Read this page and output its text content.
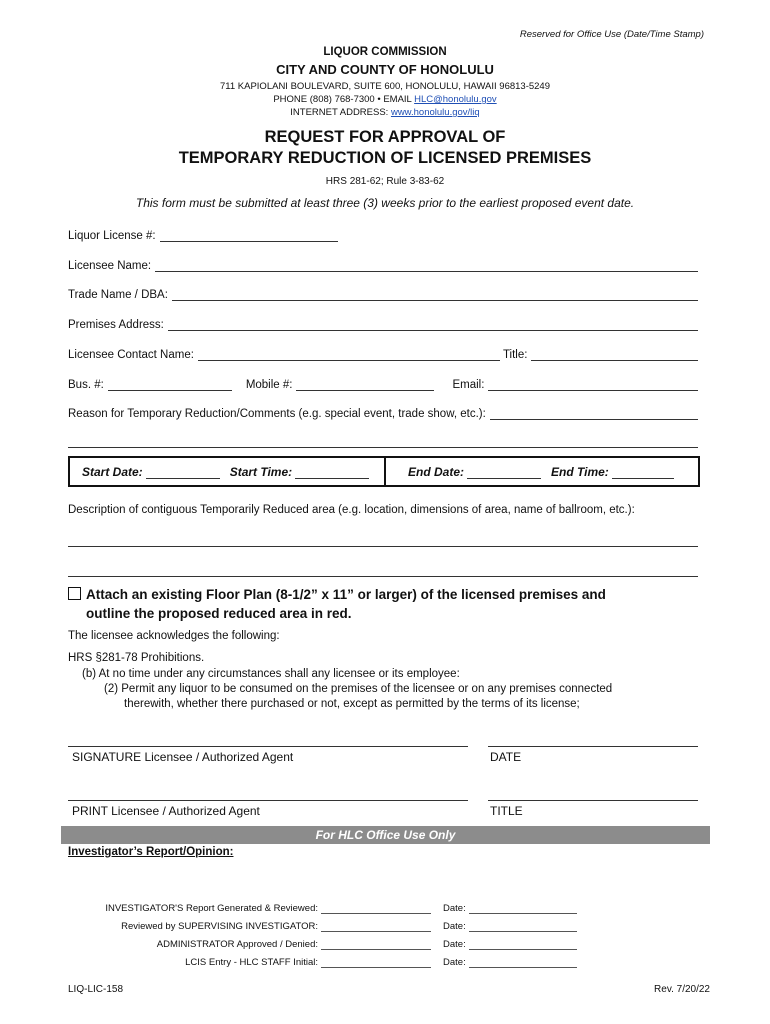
Reserved for Office Use (Date/Time Stamp)
LIQUOR COMMISSION
CITY AND COUNTY OF HONOLULU
711 KAPIOLANI BOULEVARD, SUITE 600, HONOLULU, HAWAII 96813-5249
PHONE (808) 768-7300 • EMAIL HLC@honolulu.gov
INTERNET ADDRESS: www.honolulu.gov/liq
REQUEST FOR APPROVAL OF
TEMPORARY REDUCTION OF LICENSED PREMISES
HRS 281-62; Rule 3-83-62
This form must be submitted at least three (3) weeks prior to the earliest proposed event date.
Liquor License #:
Licensee Name:
Trade Name / DBA:
Premises Address:
Licensee Contact Name:	Title:
Bus. #:	Mobile #:	Email:
Reason for Temporary Reduction/Comments (e.g. special event, trade show, etc.):
Start Date:	Start Time:	End Date:	End Time:
Description of contiguous Temporarily Reduced area (e.g. location, dimensions of area, name of ballroom, etc.):
Attach an existing Floor Plan (8-1/2” x 11” or larger) of the licensed premises and
outline the proposed reduced area in red.
The licensee acknowledges the following:
HRS §281-78 Prohibitions.
(b) At no time under any circumstances shall any licensee or its employee:
(2) Permit any liquor to be consumed on the premises of the licensee or on any premises connected
therewith, whether there purchased or not, except as permitted by the terms of its license;
SIGNATURE Licensee / Authorized Agent	DATE
PRINT Licensee / Authorized Agent	TITLE
For HLC Office Use Only
Investigator’s Report/Opinion:
INVESTIGATOR'S Report Generated & Reviewed:	Date:
Reviewed by SUPERVISING INVESTIGATOR:	Date:
ADMINISTRATOR Approved / Denied:	Date:
LCIS Entry - HLC STAFF Initial:	Date:
LIQ-LIC-158	Rev. 7/20/22
